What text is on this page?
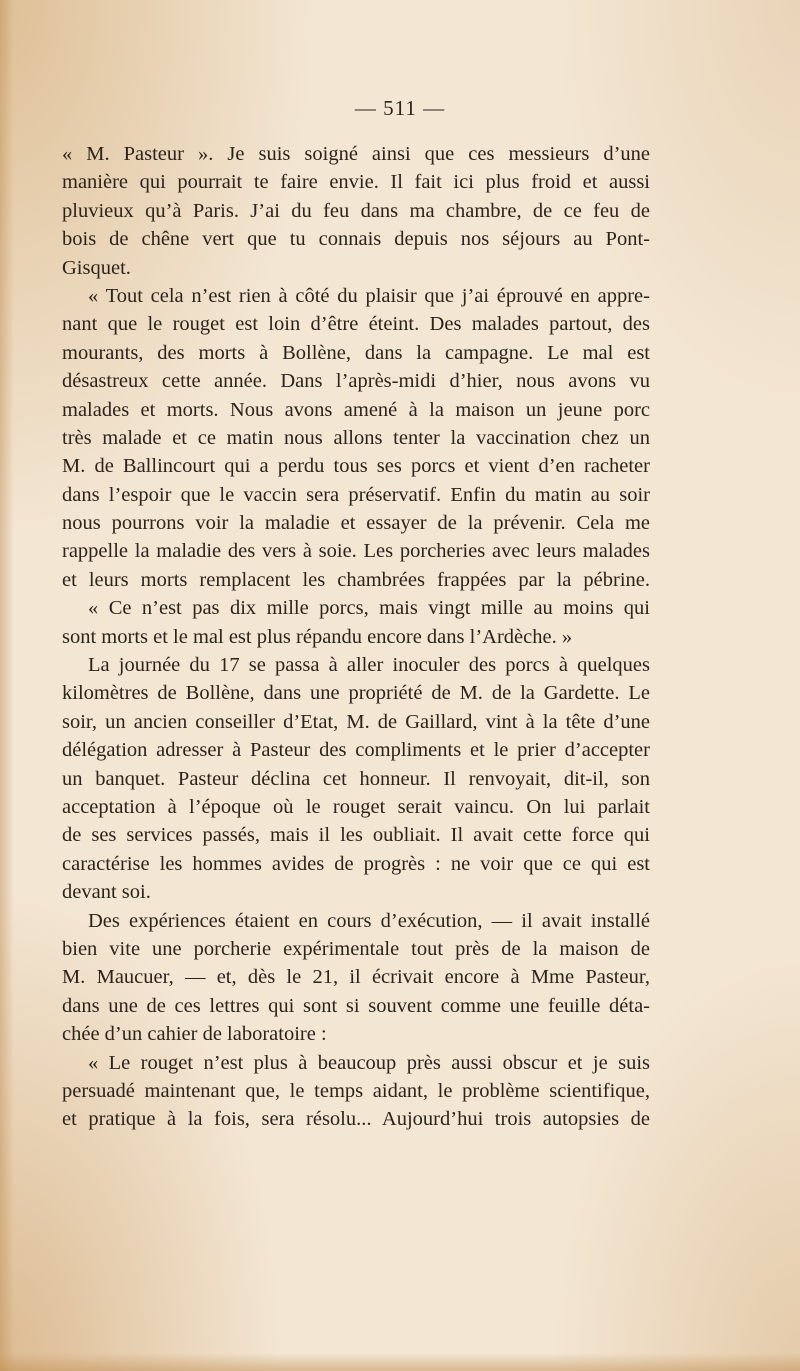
— 511 —
« M. Pasteur ». Je suis soigné ainsi que ces messieurs d’une
manière qui pourrait te faire envie. Il fait ici plus froid et aussi
pluvieux qu’à Paris. J’ai du feu dans ma chambre, de ce feu de
bois de chêne vert que tu connais depuis nos séjours au Pont-
Gisquet.
« Tout cela n’est rien à côté du plaisir que j’ai éprouvé en appre-
nant que le rouget est loin d’être éteint. Des malades partout, des
mourants, des morts à Bollène, dans la campagne. Le mal est
désastreux cette année. Dans l’après-midi d’hier, nous avons vu
malades et morts. Nous avons amené à la maison un jeune porc
très malade et ce matin nous allons tenter la vaccination chez un
M. de Ballincourt qui a perdu tous ses porcs et vient d’en racheter
dans l’espoir que le vaccin sera préservatif. Enfin du matin au soir
nous pourrons voir la maladie et essayer de la prévenir. Cela me
rappelle la maladie des vers à soie. Les porcheries avec leurs malades
et leurs morts remplacent les chambrées frappées par la pébrine.
« Ce n’est pas dix mille porcs, mais vingt mille au moins qui
sont morts et le mal est plus répandu encore dans l’Ardèche. »
La journée du 17 se passa à aller inoculer des porcs à quelques
kilomètres de Bollène, dans une propriété de M. de la Gardette. Le
soir, un ancien conseiller d’Etat, M. de Gaillard, vint à la tête d’une
délégation adresser à Pasteur des compliments et le prier d’accepter
un banquet. Pasteur déclina cet honneur. Il renvoyait, dit-il, son
acceptation à l’époque où le rouget serait vaincu. On lui parlait
de ses services passés, mais il les oubliait. Il avait cette force qui
caractérise les hommes avides de progrès : ne voir que ce qui est
devant soi.
Des expériences étaient en cours d’exécution, — il avait installé
bien vite une porcherie expérimentale tout près de la maison de
M. Maucuer, — et, dès le 21, il écrivait encore à Mme Pasteur,
dans une de ces lettres qui sont si souvent comme une feuille déta-
chée d’un cahier de laboratoire :
« Le rouget n’est plus à beaucoup près aussi obscur et je suis
persuadé maintenant que, le temps aidant, le problème scientifique,
et pratique à la fois, sera résolu... Aujourd’hui trois autopsies de
